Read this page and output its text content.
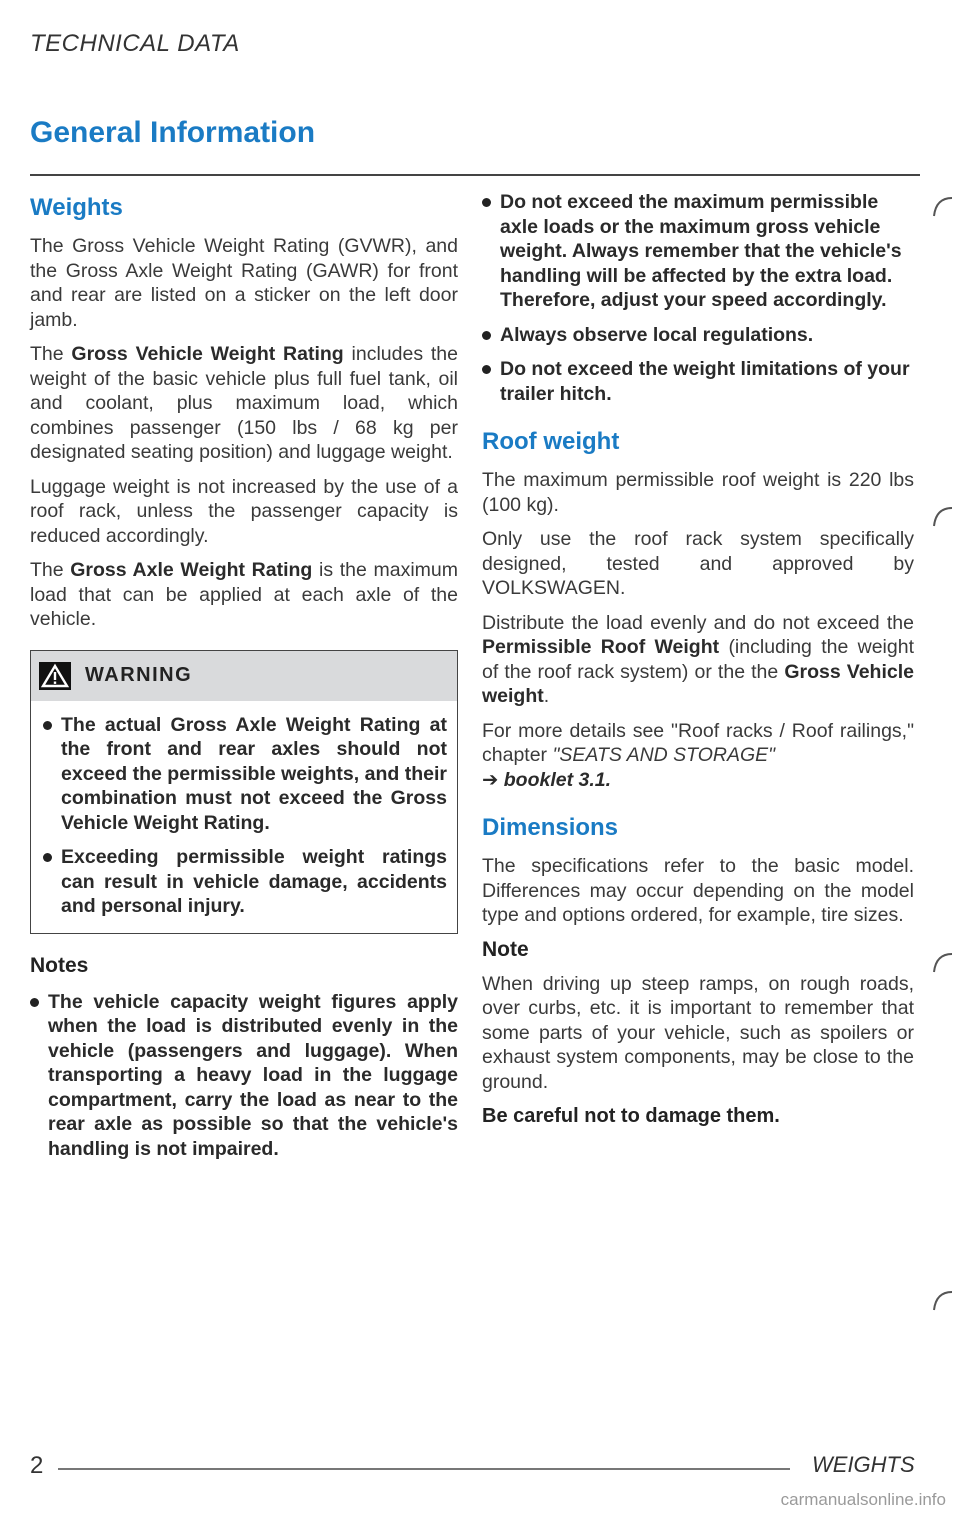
TECHNICAL DATA
General Information
Weights

The Gross Vehicle Weight Rating (GVWR), and the Gross Axle Weight Rating (GAWR) for front and rear are listed on a sticker on the left door jamb.

The Gross Vehicle Weight Rating includes the weight of the basic vehicle plus full fuel tank, oil and coolant, plus maximum load, which combines passenger (150 lbs / 68 kg per designated seating position) and luggage weight.

Luggage weight is not increased by the use of a roof rack, unless the passenger capacity is reduced accordingly.

The Gross Axle Weight Rating is the maximum load that can be applied at each axle of the vehicle.

WARNING

The actual Gross Axle Weight Rating at the front and rear axles should not exceed the permissible weights, and their combination must not exceed the Gross Vehicle Weight Rating.

Exceeding permissible weight ratings can result in vehicle damage, accidents and personal injury.

Notes

The vehicle capacity weight figures apply when the load is distributed evenly in the vehicle (passengers and luggage). When transporting a heavy load in the luggage compartment, carry the load as near to the rear axle as possible so that the vehicle's handling is not impaired.

Do not exceed the maximum permissible axle loads or the maximum gross vehicle weight. Always remember that the vehicle's handling will be affected by the extra load. Therefore, adjust your speed accordingly.

Always observe local regulations.

Do not exceed the weight limitations of your trailer hitch.

Roof weight

The maximum permissible roof weight is 220 lbs (100 kg).

Only use the roof rack system specifically designed, tested and approved by VOLKSWAGEN.

Distribute the load evenly and do not exceed the Permissible Roof Weight (including the weight of the roof rack system) or the the Gross Vehicle weight.

For more details see "Roof racks / Roof railings," chapter "SEATS AND STORAGE"
➔ booklet 3.1.

Dimensions

The specifications refer to the basic model. Differences may occur depending on the model type and options ordered, for example, tire sizes.

Note

When driving up steep ramps, on rough roads, over curbs, etc. it is important to remember that some parts of your vehicle, such as spoilers or exhaust system components, may be close to the ground.

Be careful not to damage them.

2	WEIGHTS
carmanualsonline.info
